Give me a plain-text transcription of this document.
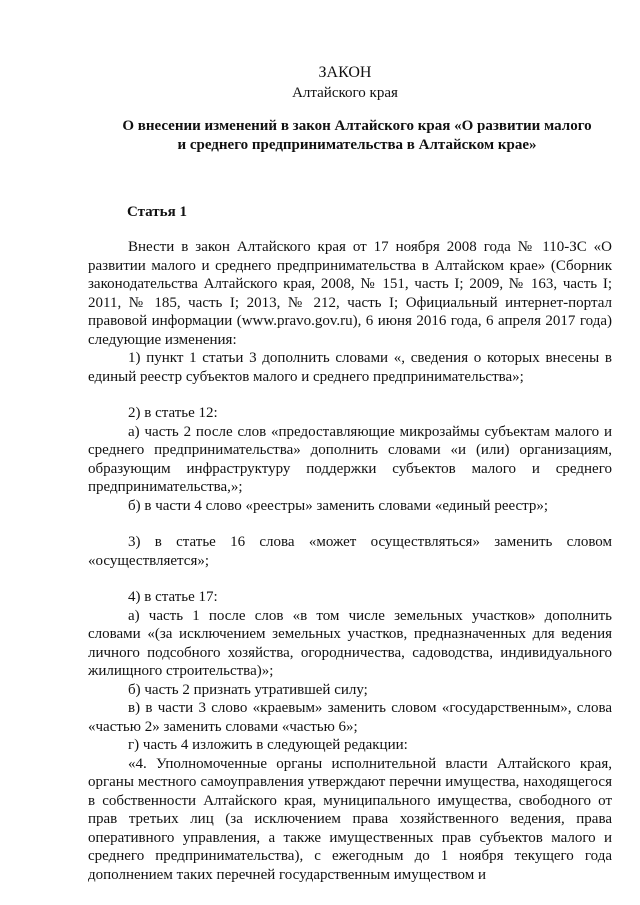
ЗАКОН
Алтайского края
О внесении изменений в закон Алтайского края «О развитии малого и среднего предпринимательства в Алтайском крае»
Статья 1

Внести в закон Алтайского края от 17 ноября 2008 года № 110-ЗС «О развитии малого и среднего предпринимательства в Алтайском крае» (Сборник законодательства Алтайского края, 2008, № 151, часть I; 2009, № 163, часть I; 2011, № 185, часть I; 2013, № 212, часть I; Официальный интернет-портал правовой информации (www.pravo.gov.ru), 6 июня 2016 года, 6 апреля 2017 года) следующие изменения:

1) пункт 1 статьи 3 дополнить словами «, сведения о которых внесены в единый реестр субъектов малого и среднего предпринимательства»;

2) в статье 12:

а) часть 2 после слов «предоставляющие микрозаймы субъектам малого и среднего предпринимательства» дополнить словами «и (или) организациям, образующим инфраструктуру поддержки субъектов малого и среднего предпринимательства,»;

б) в части 4 слово «реестры» заменить словами «единый реестр»;

3) в статье 16 слова «может осуществляться» заменить словом «осуществляется»;

4) в статье 17:

а) часть 1 после слов «в том числе земельных участков» дополнить словами «(за исключением земельных участков, предназначенных для ведения личного подсобного хозяйства, огородничества, садоводства, индивидуального жилищного строительства)»;

б) часть 2 признать утратившей силу;

в) в части 3 слово «краевым» заменить словом «государственным», слова «частью 2» заменить словами «частью 6»;

г) часть 4 изложить в следующей редакции:

«4. Уполномоченные органы исполнительной власти Алтайского края, органы местного самоуправления утверждают перечни имущества, находящегося в собственности Алтайского края, муниципального имущества, свободного от прав третьих лиц (за исключением права хозяйственного ведения, права оперативного управления, а также имущественных прав субъектов малого и среднего предпринимательства), с ежегодным до 1 ноября текущего года дополнением таких перечней государственным имуществом и
